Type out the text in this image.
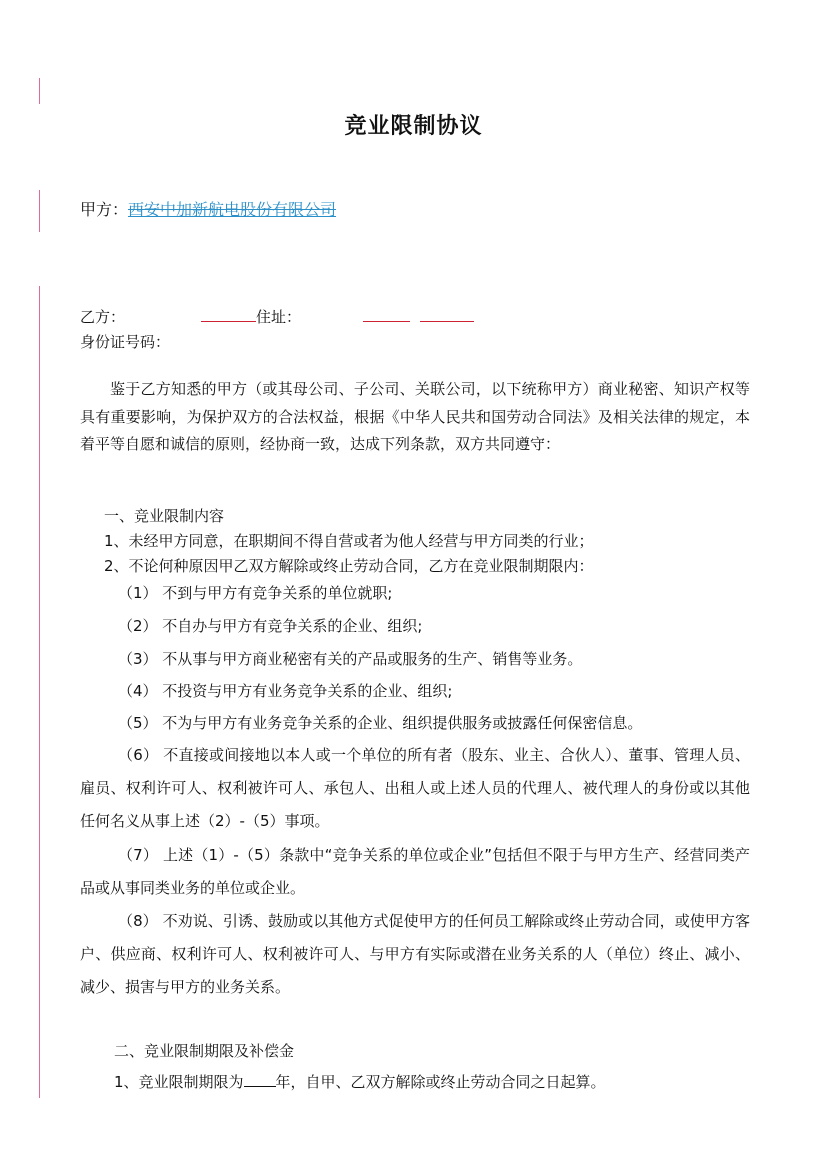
竞业限制协议
甲方：西安中加新航电股份有限公司
乙方：	住址：
身份证号码：
鉴于乙方知悉的甲方（或其母公司、子公司、关联公司，以下统称甲方）商业秘密、知识产权等具有重要影响，为保护双方的合法权益，根据《中华人民共和国劳动合同法》及相关法律的规定，本着平等自愿和诚信的原则，经协商一致，达成下列条款，双方共同遵守：
一、竞业限制内容
1、未经甲方同意，在职期间不得自营或者为他人经营与甲方同类的行业；
2、不论何种原因甲乙双方解除或终止劳动合同，乙方在竞业限制期限内：
（1） 不到与甲方有竞争关系的单位就职;
（2） 不自办与甲方有竞争关系的企业、组织;
（3） 不从事与甲方商业秘密有关的产品或服务的生产、销售等业务。
（4） 不投资与甲方有业务竞争关系的企业、组织;
（5） 不为与甲方有业务竞争关系的企业、组织提供服务或披露任何保密信息。
（6） 不直接或间接地以本人或一个单位的所有者（股东、业主、合伙人）、董事、管理人员、雇员、权利许可人、权利被许可人、承包人、出租人或上述人员的代理人、被代理人的身份或以其他任何名义从事上述（2）-（5）事项。
（7） 上述（1）-（5）条款中“竞争关系的单位或企业”包括但不限于与甲方生产、经营同类产品或从事同类业务的单位或企业。
（8） 不劝说、引诱、鼓励或以其他方式促使甲方的任何员工解除或终止劳动合同，或使甲方客户、供应商、权利许可人、权利被许可人、与甲方有实际或潜在业务关系的人（单位）终止、减小、减少、损害与甲方的业务关系。
二、竞业限制期限及补偿金
1、竞业限制期限为 年，自甲、乙双方解除或终止劳动合同之日起算。
